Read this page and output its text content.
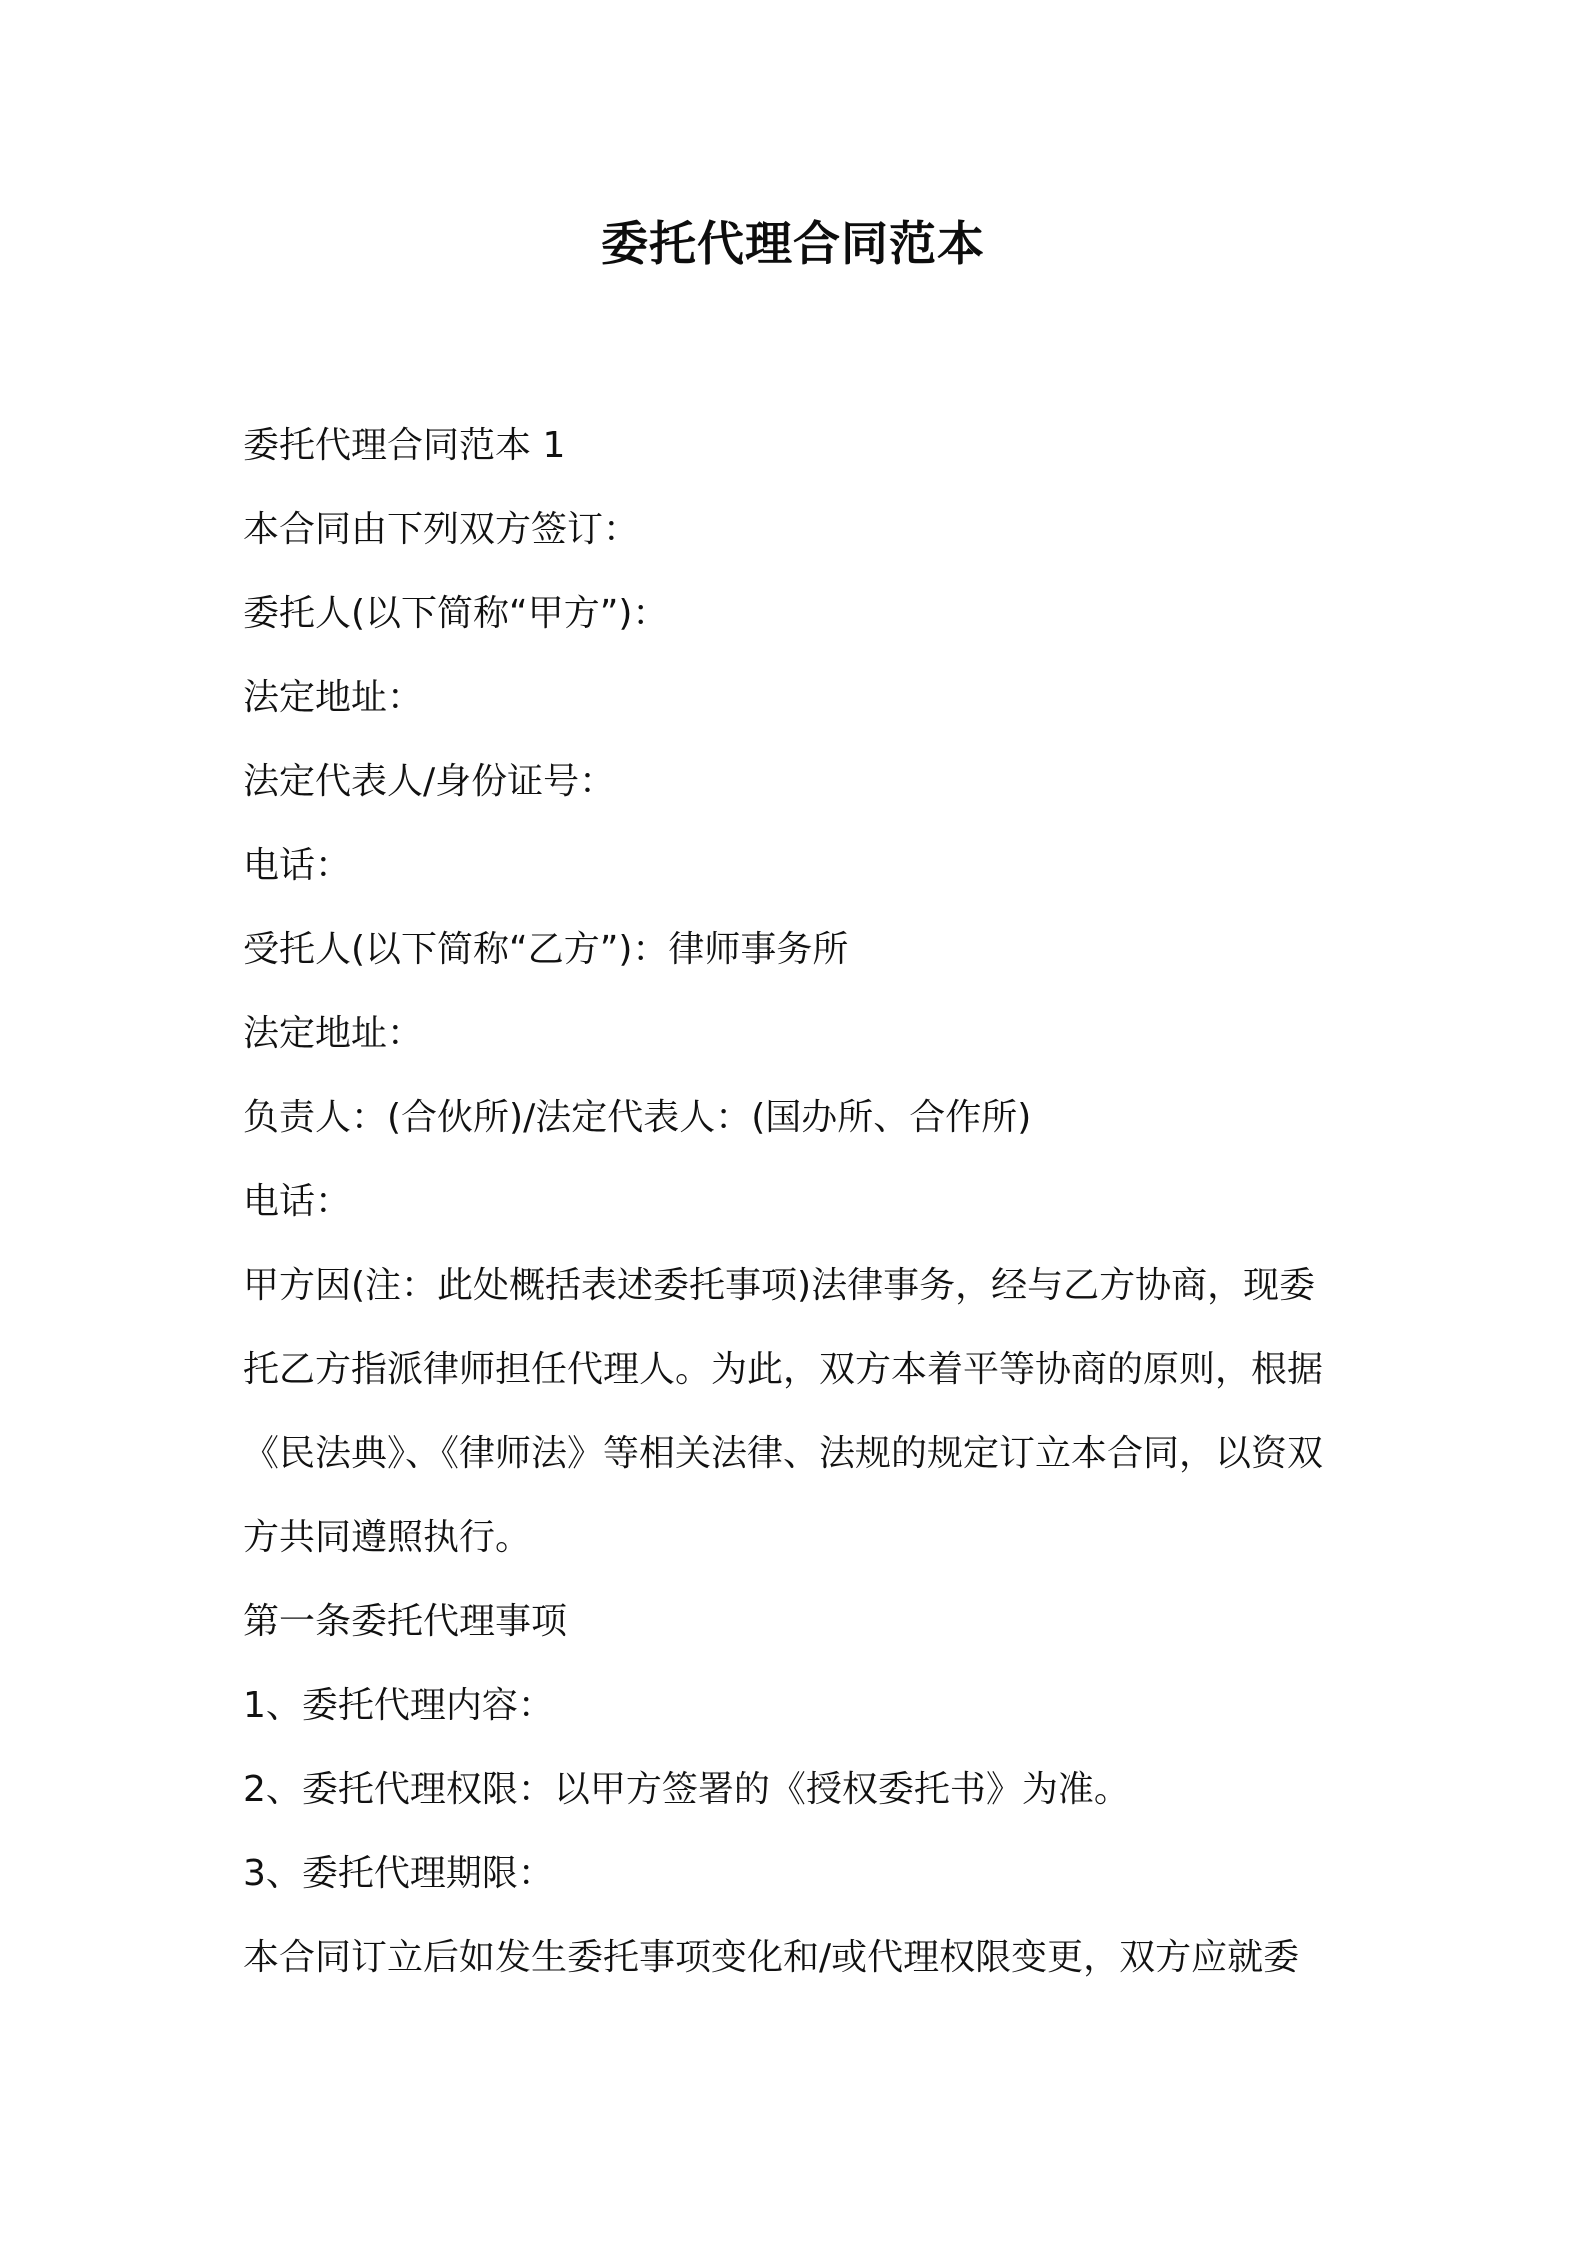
委托代理合同范本

委托代理合同范本 1

本合同由下列双方签订：

委托人(以下简称“甲方”)：

法定地址：

法定代表人/身份证号：

电话：

受托人(以下简称“乙方”)：律师事务所

法定地址：

负责人：(合伙所)/法定代表人：(国办所、合作所)

电话：

甲方因(注：此处概括表述委托事项)法律事务，经与乙方协商，现委

托乙方指派律师担任代理人。为此，双方本着平等协商的原则，根据

《民法典》、《律师法》等相关法律、法规的规定订立本合同，以资双

方共同遵照执行。

第一条委托代理事项

1、委托代理内容：

2、委托代理权限：以甲方签署的《授权委托书》为准。

3、委托代理期限：

本合同订立后如发生委托事项变化和/或代理权限变更，双方应就委
